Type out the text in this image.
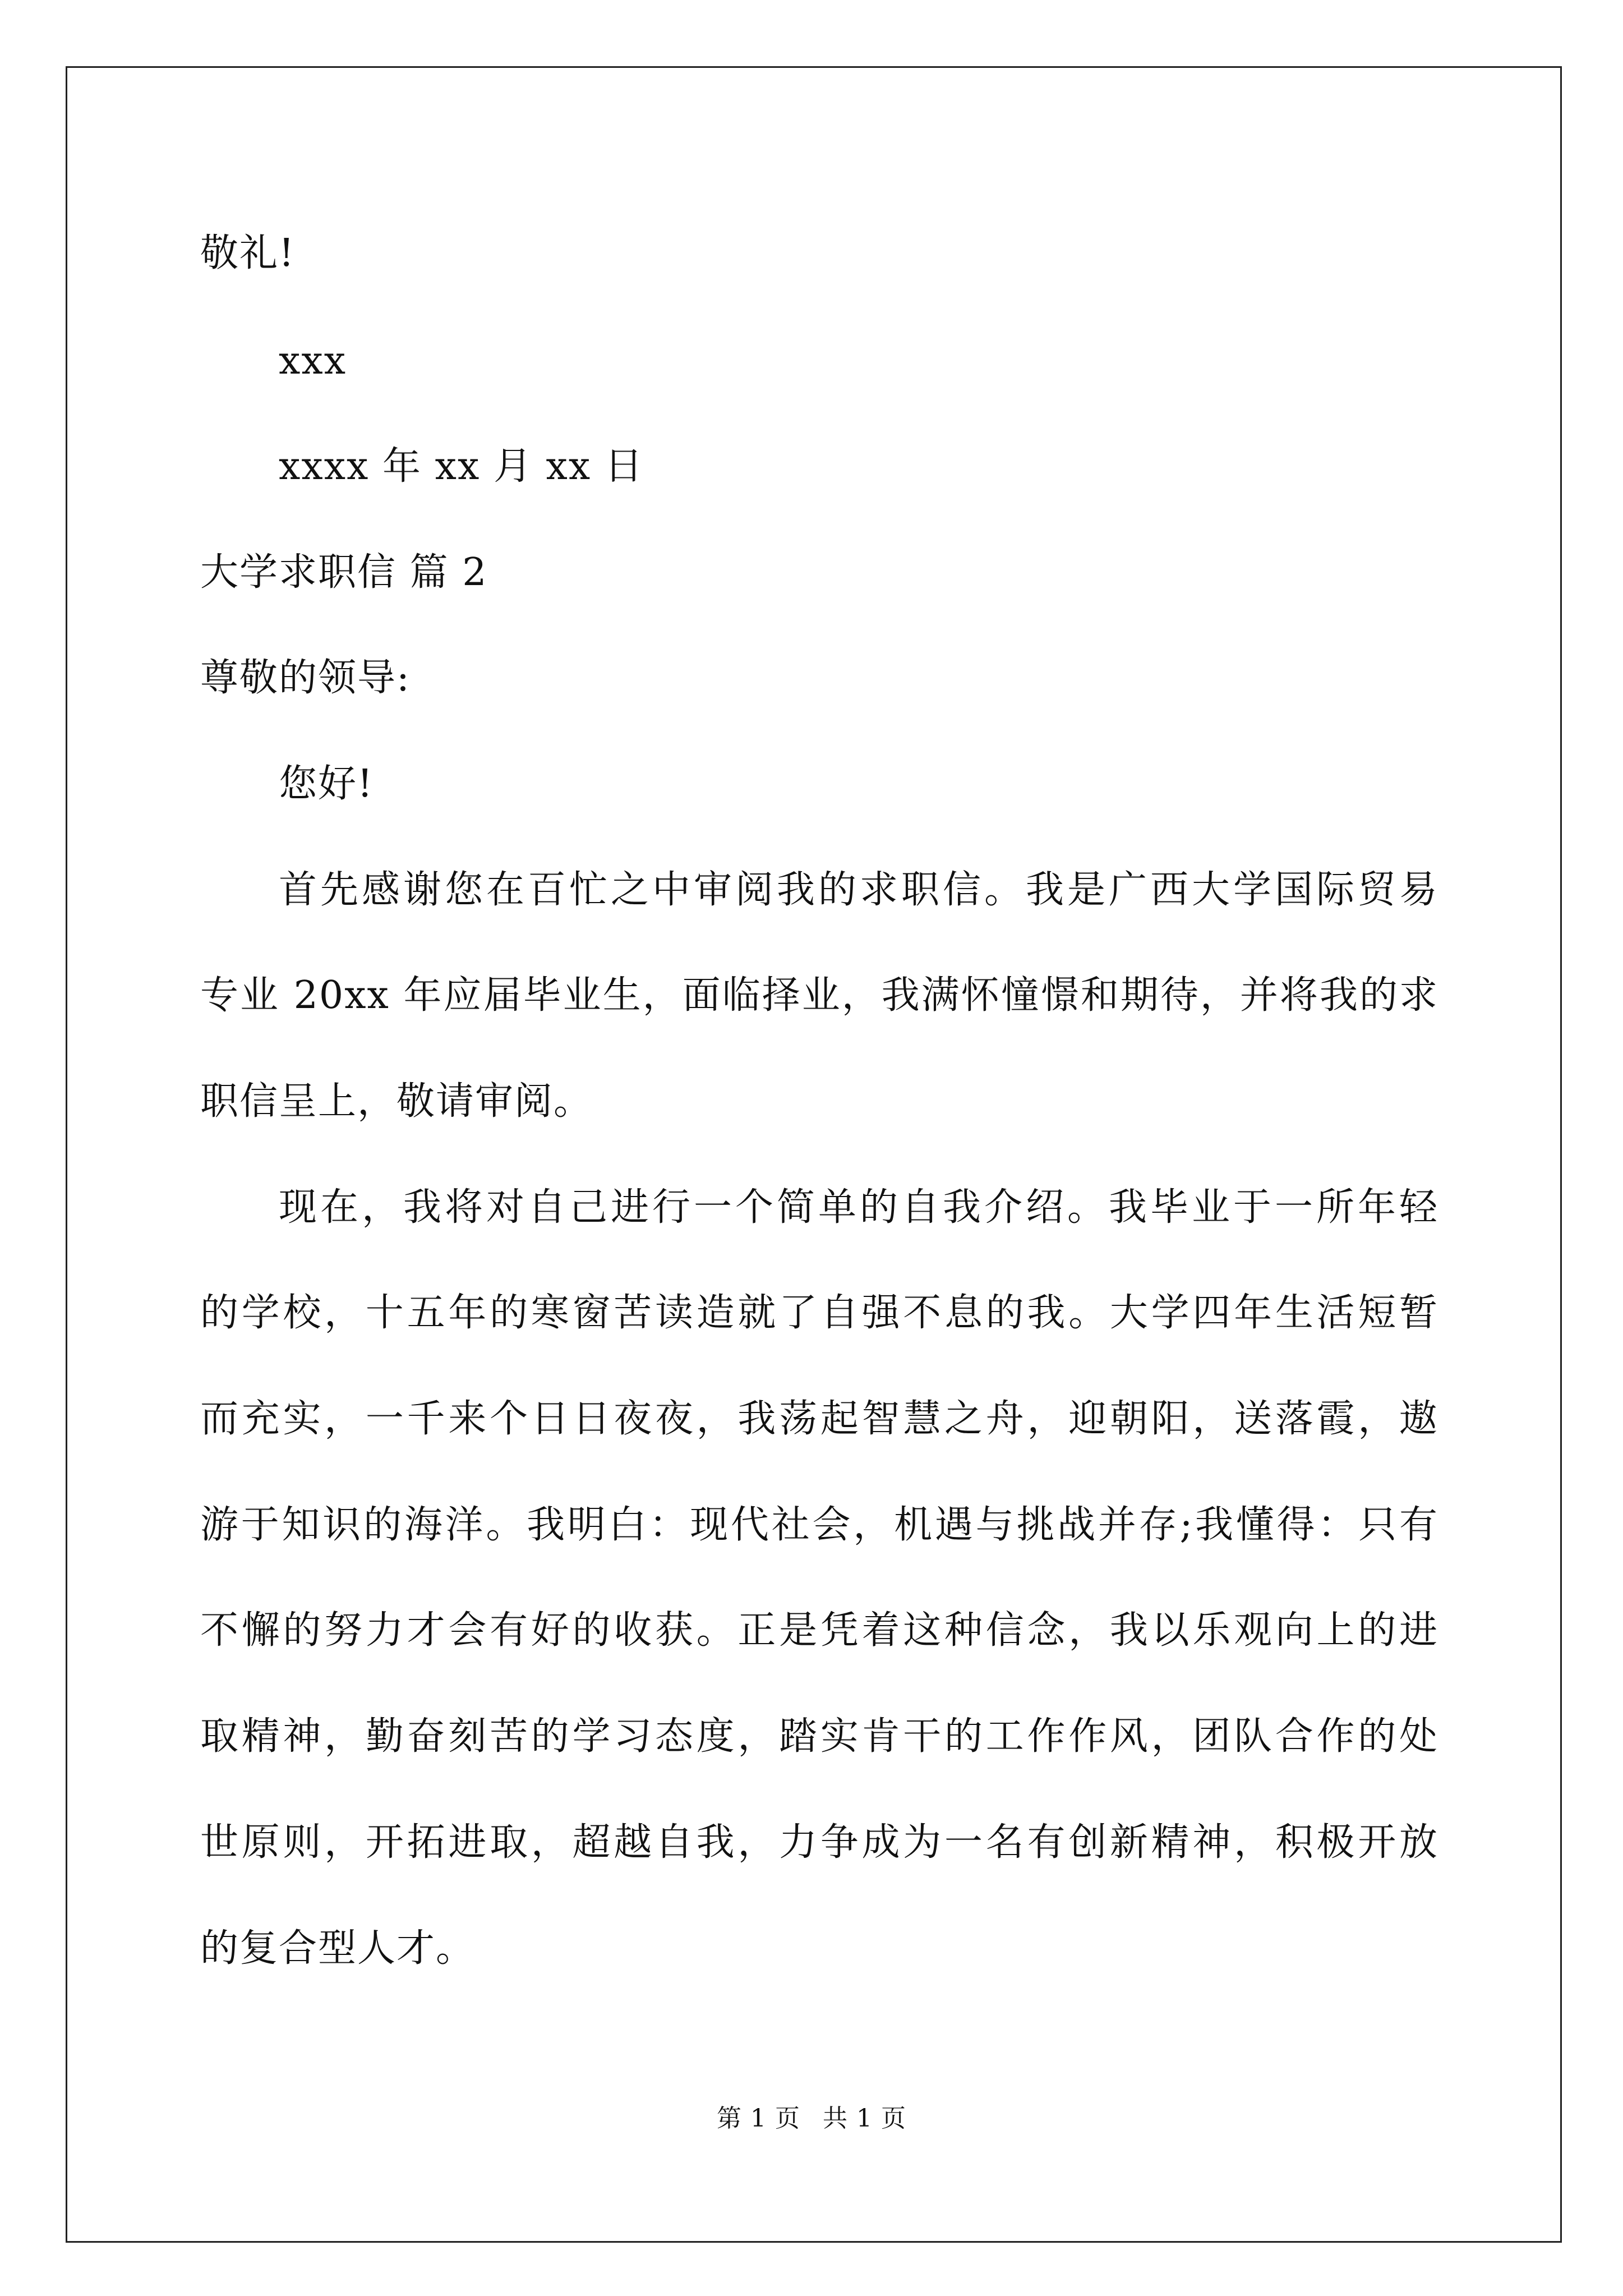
敬礼!
xxx
xxxx 年 xx 月 xx 日
大学求职信 篇 2
尊敬的领导:
您好!
首先感谢您在百忙之中审阅我的求职信。我是广西大学国际贸易
专业 20xx 年应届毕业生，面临择业，我满怀憧憬和期待，并将我的求
职信呈上，敬请审阅。
现在，我将对自己进行一个简单的自我介绍。我毕业于一所年轻
的学校，十五年的寒窗苦读造就了自强不息的我。大学四年生活短暂
而充实，一千来个日日夜夜，我荡起智慧之舟，迎朝阳，送落霞，遨
游于知识的海洋。我明白：现代社会，机遇与挑战并存;我懂得：只有
不懈的努力才会有好的收获。正是凭着这种信念，我以乐观向上的进
取精神，勤奋刻苦的学习态度，踏实肯干的工作作风，团队合作的处
世原则，开拓进取，超越自我，力争成为一名有创新精神，积极开放
的复合型人才。
第 1 页 共 1 页
